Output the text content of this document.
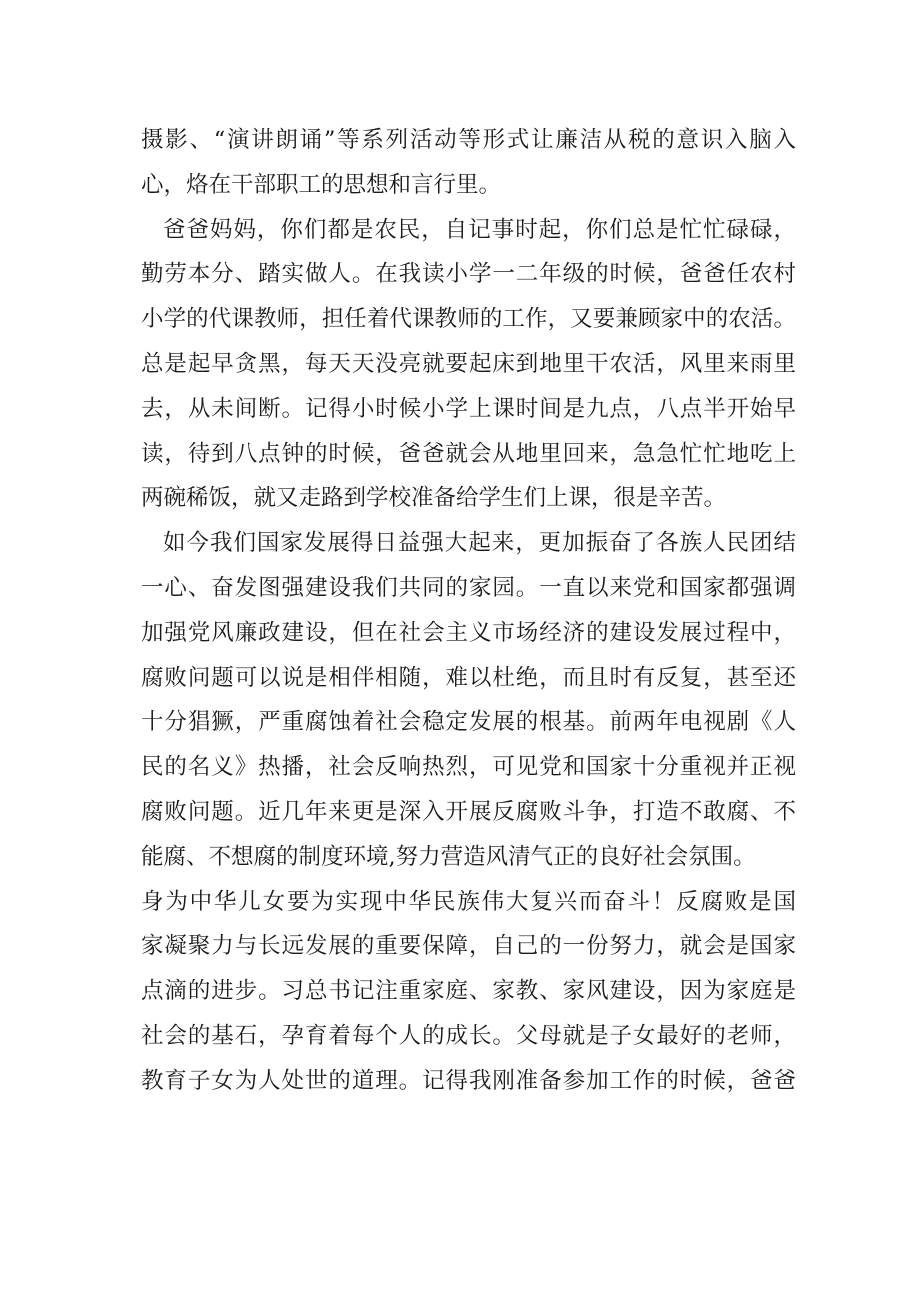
摄影、“演讲朗诵”等系列活动等形式让廉洁从税的意识入脑入
心，烙在干部职工的思想和言行里。
爸爸妈妈，你们都是农民，自记事时起，你们总是忙忙碌碌，
勤劳本分、踏实做人。在我读小学一二年级的时候，爸爸任农村
小学的代课教师，担任着代课教师的工作，又要兼顾家中的农活。
总是起早贪黑，每天天没亮就要起床到地里干农活，风里来雨里
去，从未间断。记得小时候小学上课时间是九点，八点半开始早
读，待到八点钟的时候，爸爸就会从地里回来，急急忙忙地吃上
两碗稀饭，就又走路到学校准备给学生们上课，很是辛苦。
如今我们国家发展得日益强大起来，更加振奋了各族人民团结
一心、奋发图强建设我们共同的家园。一直以来党和国家都强调
加强党风廉政建设，但在社会主义市场经济的建设发展过程中，
腐败问题可以说是相伴相随，难以杜绝，而且时有反复，甚至还
十分猖獗，严重腐蚀着社会稳定发展的根基。前两年电视剧《人
民的名义》热播，社会反响热烈，可见党和国家十分重视并正视
腐败问题。近几年来更是深入开展反腐败斗争，打造不敢腐、不
能腐、不想腐的制度环境,努力营造风清气正的良好社会氛围。
身为中华儿女要为实现中华民族伟大复兴而奋斗！反腐败是国
家凝聚力与长远发展的重要保障，自己的一份努力，就会是国家
点滴的进步。习总书记注重家庭、家教、家风建设，因为家庭是
社会的基石，孕育着每个人的成长。父母就是子女最好的老师，
教育子女为人处世的道理。记得我刚准备参加工作的时候，爸爸
